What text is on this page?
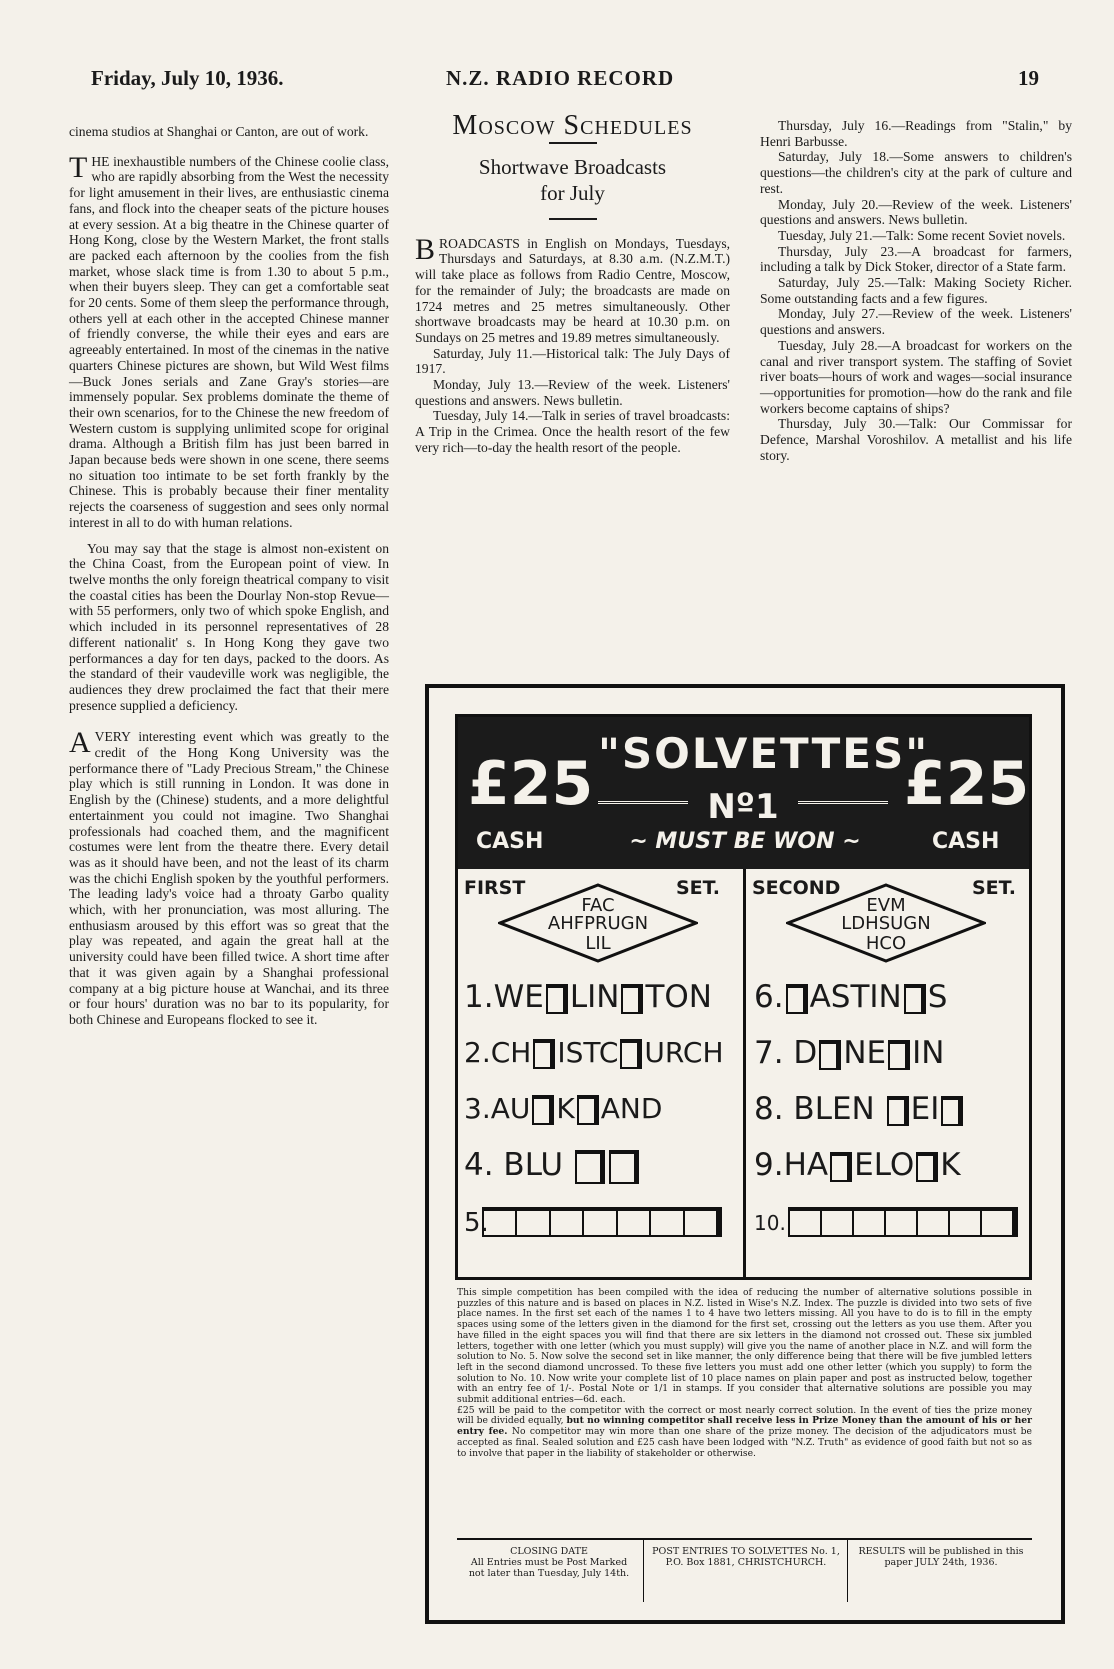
Friday, July 10, 1936.	N.Z. RADIO RECORD	19

cinema studios at Shanghai or Canton, are out of work.

THE inexhaustible numbers of the Chinese coolie class, who are rapidly absorbing from the West the necessity for light amusement in their lives, are enthusiastic cinema fans, and flock into the cheaper seats of the picture houses at every session. At a big theatre in the Chinese quarter of Hong Kong, close by the Western Market, the front stalls are packed each afternoon by the coolies from the fish market, whose slack time is from 1.30 to about 5 p.m., when their buyers sleep. They can get a comfortable seat for 20 cents. Some of them sleep the performance through, others yell at each other in the accepted Chinese manner of friendly converse, the while their eyes and ears are agreeably entertained. In most of the cinemas in the native quarters Chinese pictures are shown, but Wild West films—Buck Jones serials and Zane Gray's stories—are immensely popular. Sex problems dominate the theme of their own scenarios, for to the Chinese the new freedom of Western custom is supplying unlimited scope for original drama. Although a British film has just been barred in Japan because beds were shown in one scene, there seems no situation too intimate to be set forth frankly by the Chinese. This is probably because their finer mentality rejects the coarseness of suggestion and sees only normal interest in all to do with human relations.

You may say that the stage is almost non-existent on the China Coast, from the European point of view. In twelve months the only foreign theatrical company to visit the coastal cities has been the Dourlay Non-stop Revue—with 55 performers, only two of which spoke English, and which included in its personnel representatives of 28 different nationalit' s. In Hong Kong they gave two performances a day for ten days, packed to the doors. As the standard of their vaudeville work was negligible, the audiences they drew proclaimed the fact that their mere presence supplied a deficiency.

AVERY interesting event which was greatly to the credit of the Hong Kong University was the performance there of "Lady Precious Stream," the Chinese play which is still running in London. It was done in English by the (Chinese) students, and a more delightful entertainment you could not imagine. Two Shanghai professionals had coached them, and the magnificent costumes were lent from the theatre there. Every detail was as it should have been, and not the least of its charm was the chichi English spoken by the youthful performers. The leading lady's voice had a throaty Garbo quality which, with her pronunciation, was most alluring. The enthusiasm aroused by this effort was so great that the play was repeated, and again the great hall at the university could have been filled twice. A short time after that it was given again by a Shanghai professional company at a big picture house at Wanchai, and its three or four hours' duration was no bar to its popularity, for both Chinese and Europeans flocked to see it.

Moscow Schedules
Shortwave Broadcasts
for July

BROADCASTS in English on Mondays, Tuesdays, Thursdays and Saturdays, at 8.30 a.m. (N.Z.M.T.) will take place as follows from Radio Centre, Moscow, for the remainder of July; the broadcasts are made on 1724 metres and 25 metres simultaneously. Other shortwave broadcasts may be heard at 10.30 p.m. on Sundays on 25 metres and 19.89 metres simultaneously.

Saturday, July 11.—Historical talk: The July Days of 1917.

Monday, July 13.—Review of the week. Listeners' questions and answers. News bulletin.

Tuesday, July 14.—Talk in series of travel broadcasts: A Trip in the Crimea. Once the health resort of the few very rich—to-day the health resort of the people.

Thursday, July 16.—Readings from "Stalin," by Henri Barbusse.

Saturday, July 18.—Some answers to children's questions—the children's city at the park of culture and rest.

Monday, July 20.—Review of the week. Listeners' questions and answers. News bulletin.

Tuesday, July 21.—Talk: Some recent Soviet novels.

Thursday, July 23.—A broadcast for farmers, including a talk by Dick Stoker, director of a State farm.

Saturday, July 25.—Talk: Making Society Richer. Some outstanding facts and a few figures.

Monday, July 27.—Review of the week. Listeners' questions and answers.

Tuesday, July 28.—A broadcast for workers on the canal and river transport system. The staffing of Soviet river boats—hours of work and wages—social insurance—opportunities for promotion—how do the rank and file workers become captains of ships?

Thursday, July 30.—Talk: Our Commissar for Defence, Marshal Voroshilov. A metallist and his life story.

£25	£25
"SOLVETTES"
Nº1
CASH	~ MUST BE WON ~	CASH
FIRST	SET.
FAC
AHFPRUGN
LIL
1.WE LIN TON
2.CH ISTC URCH
3.AU K AND
4. BLU
5.
SECOND	SET.
EVM
LDHSUGN
HCO
6. ASTIN S
7. D NE IN
8. BLEN EI
9.HA ELO K
10.
This simple competition has been compiled with the idea of reducing the number of alternative solutions possible in puzzles of this nature and is based on places in N.Z. listed in Wise's N.Z. Index. The puzzle is divided into two sets of five place names. In the first set each of the names 1 to 4 have two letters missing. All you have to do is to fill in the empty spaces using some of the letters given in the diamond for the first set, crossing out the letters as you use them. After you have filled in the eight spaces you will find that there are six letters in the diamond not crossed out. These six jumbled letters, together with one letter (which you must supply) will give you the name of another place in N.Z. and will form the solution to No. 5. Now solve the second set in like manner, the only difference being that there will be five jumbled letters left in the second diamond uncrossed. To these five letters you must add one other letter (which you supply) to form the solution to No. 10. Now write your complete list of 10 place names on plain paper and post as instructed below, together with an entry fee of 1/-. Postal Note or 1/1 in stamps. If you consider that alternative solutions are possible you may submit additional entries—6d. each.
£25 will be paid to the competitor with the correct or most nearly correct solution. In the event of ties the prize money will be divided equally, but no winning competitor shall receive less in Prize Money than the amount of his or her entry fee. No competitor may win more than one share of the prize money. The decision of the adjudicators must be accepted as final. Sealed solution and £25 cash have been lodged with "N.Z. Truth" as evidence of good faith but not so as to involve that paper in the liability of stakeholder or otherwise.
CLOSING DATE
All Entries must be Post Marked not later than Tuesday, July 14th.
POST ENTRIES TO SOLVETTES No. 1, P.O. Box 1881, CHRISTCHURCH.
RESULTS will be published in this paper JULY 24th, 1936.
